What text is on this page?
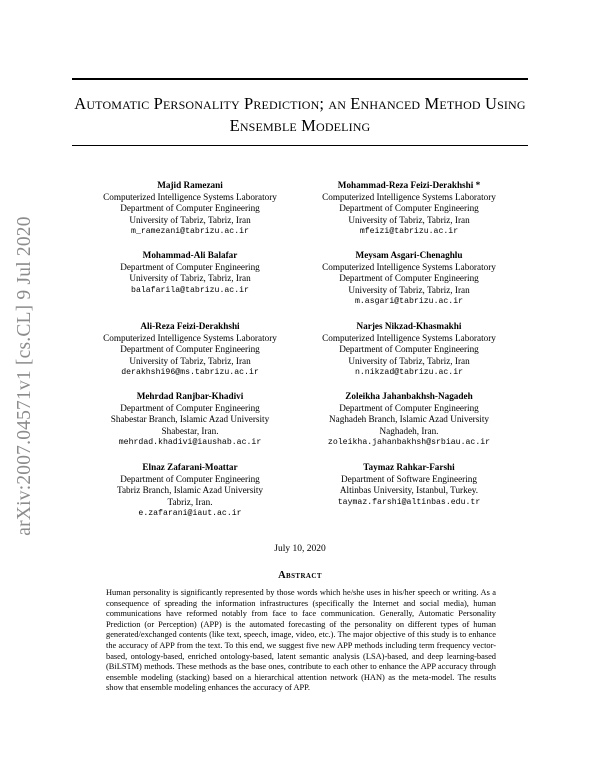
arXiv:2007.04571v1 [cs.CL] 9 Jul 2020
Automatic Personality Prediction; an Enhanced Method Using Ensemble Modeling
Majid Ramezani
Computerized Intelligence Systems Laboratory
Department of Computer Engineering
University of Tabriz, Tabriz, Iran
m_ramezani@tabrizu.ac.ir
Mohammad-Reza Feizi-Derakhshi *
Computerized Intelligence Systems Laboratory
Department of Computer Engineering
University of Tabriz, Tabriz, Iran
mfeizi@tabrizu.ac.ir
Mohammad-Ali Balafar
Department of Computer Engineering
University of Tabriz, Tabriz, Iran
balafarila@tabrizu.ac.ir
Meysam Asgari-Chenaghlu
Computerized Intelligence Systems Laboratory
Department of Computer Engineering
University of Tabriz, Tabriz, Iran
m.asgari@tabrizu.ac.ir
Ali-Reza Feizi-Derakhshi
Computerized Intelligence Systems Laboratory
Department of Computer Engineering
University of Tabriz, Tabriz, Iran
derakhshi96@ms.tabrizu.ac.ir
Narjes Nikzad-Khasmakhi
Computerized Intelligence Systems Laboratory
Department of Computer Engineering
University of Tabriz, Tabriz, Iran
n.nikzad@tabrizu.ac.ir
Mehrdad Ranjbar-Khadivi
Department of Computer Engineering
Shabestar Branch, Islamic Azad University
Shabestar, Iran.
mehrdad.khadivi@iaushab.ac.ir
Zoleikha Jahanbakhsh-Nagadeh
Department of Computer Engineering
Naghadeh Branch, Islamic Azad University
Naghadeh, Iran.
zoleikha.jahanbakhsh@srbiau.ac.ir
Elnaz Zafarani-Moattar
Department of Computer Engineering
Tabriz Branch, Islamic Azad University
Tabriz, Iran.
e.zafarani@iaut.ac.ir
Taymaz Rahkar-Farshi
Department of Software Engineering
Altinbas University, Istanbul, Turkey.
taymaz.farshi@altinbas.edu.tr
July 10, 2020
Abstract
Human personality is significantly represented by those words which he/she uses in his/her speech or writing. As a consequence of spreading the information infrastructures (specifically the Internet and social media), human communications have reformed notably from face to face communication. Generally, Automatic Personality Prediction (or Perception) (APP) is the automated forecasting of the personality on different types of human generated/exchanged contents (like text, speech, image, video, etc.). The major objective of this study is to enhance the accuracy of APP from the text. To this end, we suggest five new APP methods including term frequency vector-based, ontology-based, enriched ontology-based, latent semantic analysis (LSA)-based, and deep learning-based (BiLSTM) methods. These methods as the base ones, contribute to each other to enhance the APP accuracy through ensemble modeling (stacking) based on a hierarchical attention network (HAN) as the meta-model. The results show that ensemble modeling enhances the accuracy of APP.
